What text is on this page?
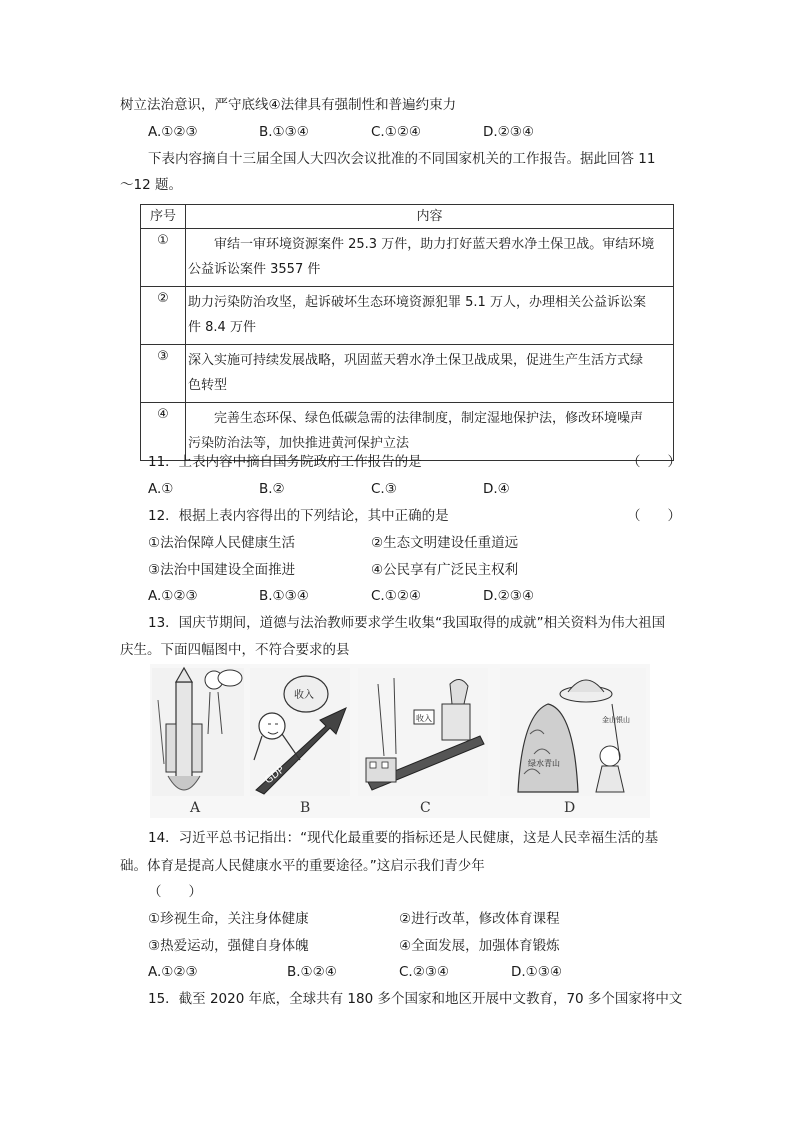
树立法治意识，严守底线④法律具有强制性和普遍约束力
A.①②③	B.①③④	C.①②④	D.②③④
下表内容摘自十三届全国人大四次会议批准的不同国家机关的工作报告。据此回答 11
～12 题。
序号	内容
①	审结一审环境资源案件 25.3 万件，助力打好蓝天碧水净土保卫战。审结环境
公益诉讼案件 3557 件
②	助力污染防治攻坚，起诉破坏生态环境资源犯罪 5.1 万人，办理相关公益诉讼案
件 8.4 万件
③	深入实施可持续发展战略，巩固蓝天碧水净土保卫战成果，促进生产生活方式绿
色转型
④	完善生态环保、绿色低碳急需的法律制度，制定湿地保护法，修改环境噪声
污染防治法等，加快推进黄河保护立法
11．上表内容中摘自国务院政府工作报告的是	（　　）
A.①	B.②	C.③	D.④
12．根据上表内容得出的下列结论，其中正确的是	（　　）
①法治保障人民健康生活	②生态文明建设任重道远
③法治中国建设全面推进	④公民享有广泛民主权利
A.①②③	B.①③④	C.①②④	D.②③④
13．国庆节期间，道德与法治教师要求学生收集“我国取得的成就”相关资料为伟大祖国
庆生。下面四幅图中，不符合要求的县
GDP
收入
收入
绿水青山
金山银山
A	B	C	D
14．习近平总书记指出：“现代化最重要的指标还是人民健康，这是人民幸福生活的基
础。体育是提高人民健康水平的重要途径。”这启示我们青少年
（　　）
①珍视生命，关注身体健康	②进行改革，修改体育课程
③热爱运动，强健自身体魄	④全面发展，加强体育锻炼
A.①②③	B.①②④	C.②③④	D.①③④
15．截至 2020 年底，全球共有 180 多个国家和地区开展中文教育，70 多个国家将中文
